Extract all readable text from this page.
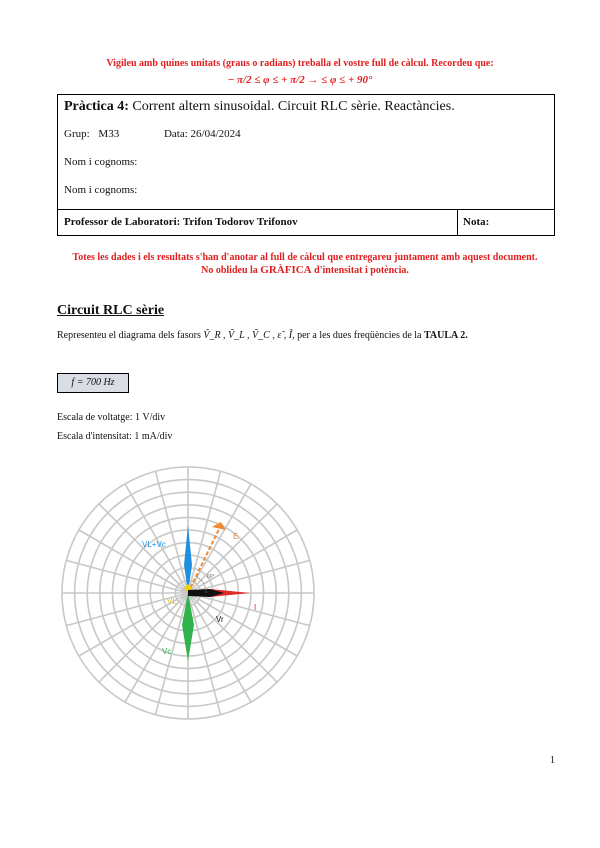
Vigileu amb quines unitats (graus o radians) treballa el vostre full de càlcul. Recordeu que:
− π/2 ≤ φ ≤ + π/2 → ≤ φ ≤ + 90°
Pràctica 4: Corrent altern sinusoidal. Circuit RLC sèrie. Reactàncies.
Grup: M33	Data: 26/04/2024
Nom i cognoms:
Nom i cognoms:
Professor de Laboratori: Trifon Todorov Trifonov	Nota:
Totes les dades i els resultats s'han d'anotar al full de càlcul que entregareu juntament amb aquest document.
No oblideu la GRÀFICA d'intensitat i potència.
Circuit RLC sèrie
Representeu el diagrama dels fasors Ṽ_R , Ṽ_L , Ṽ_C , ε̃ , Ĩ, per a les dues freqüències de la TAULA 2.
f = 700 Hz
Escala de voltatge: 1 V/div
Escala d'intensitat: 1 mA/div
VL+Vc
E
VL
I
Vr
Vc
60°
1
